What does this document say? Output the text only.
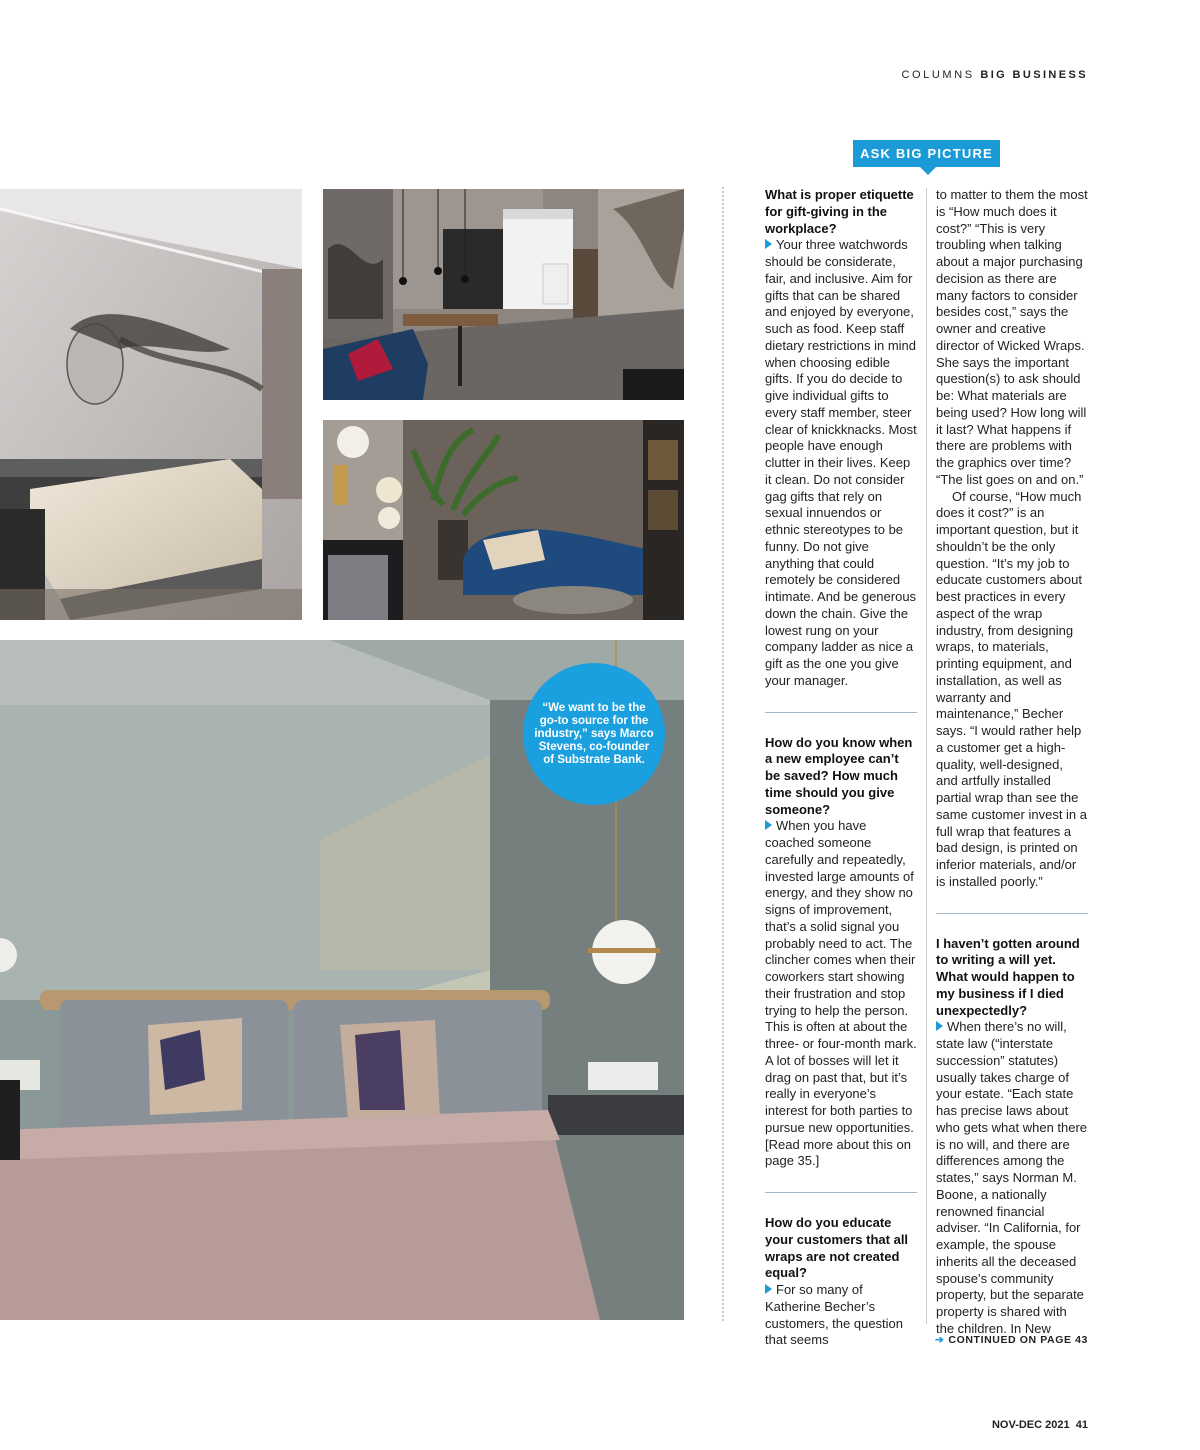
COLUMNS BIG BUSINESS
“We want to be the go-to source for the industry,” says Marco Stevens, co-founder of Substrate Bank.
ASK BIG PICTURE

What is proper etiquette for gift-giving in the workplace?

Your three watchwords should be considerate, fair, and inclusive. Aim for gifts that can be shared and enjoyed by everyone, such as food. Keep staff dietary restrictions in mind when choosing edible gifts. If you do decide to give individual gifts to every staff member, steer clear of knickknacks. Most people have enough clutter in their lives. Keep it clean. Do not consider gag gifts that rely on sexual innuendos or ethnic stereotypes to be funny. Do not give anything that could remotely be considered intimate. And be generous down the chain. Give the lowest rung on your company ladder as nice a gift as the one you give your manager.

How do you know when a new employee can’t be saved? How much time should you give someone?

When you have coached someone carefully and repeatedly, invested large amounts of energy, and they show no signs of improvement, that’s a solid signal you probably need to act. The clincher comes when their coworkers start showing their frustration and stop trying to help the person. This is often at about the three- or four-month mark. A lot of bosses will let it drag on past that, but it’s really in everyone’s interest for both parties to pursue new opportunities. [Read more about this on page 35.]

How do you educate your customers that all wraps are not created equal?

For so many of Katherine Becher’s customers, the question that seems

to matter to them the most is “How much does it cost?” “This is very troubling when talking about a major purchasing decision as there are many factors to consider besides cost,” says the owner and creative director of Wicked Wraps. She says the important question(s) to ask should be: What materials are being used? How long will it last? What happens if there are problems with the graphics over time? “The list goes on and on.”

Of course, “How much does it cost?” is an important question, but it shouldn’t be the only question. “It’s my job to educate customers about best practices in every aspect of the wrap industry, from designing wraps, to materials, printing equipment, and installation, as well as warranty and maintenance,” Becher says. “I would rather help a customer get a high-quality, well-designed, and artfully installed partial wrap than see the same customer invest in a full wrap that features a bad design, is printed on inferior materials, and/or is installed poorly.”

I haven’t gotten around to writing a will yet. What would happen to my business if I died unexpectedly?

When there’s no will, state law (“interstate succession” statutes) usually takes charge of your estate. “Each state has precise laws about who gets what when there is no will, and there are differences among the states,” says Norman M. Boone, a nationally renowned financial adviser. “In California, for example, the spouse inherits all the deceased spouse’s community property, but the separate property is shared with the children. In New

➔ CONTINUED ON PAGE 43
NOV-DEC 2021 41
